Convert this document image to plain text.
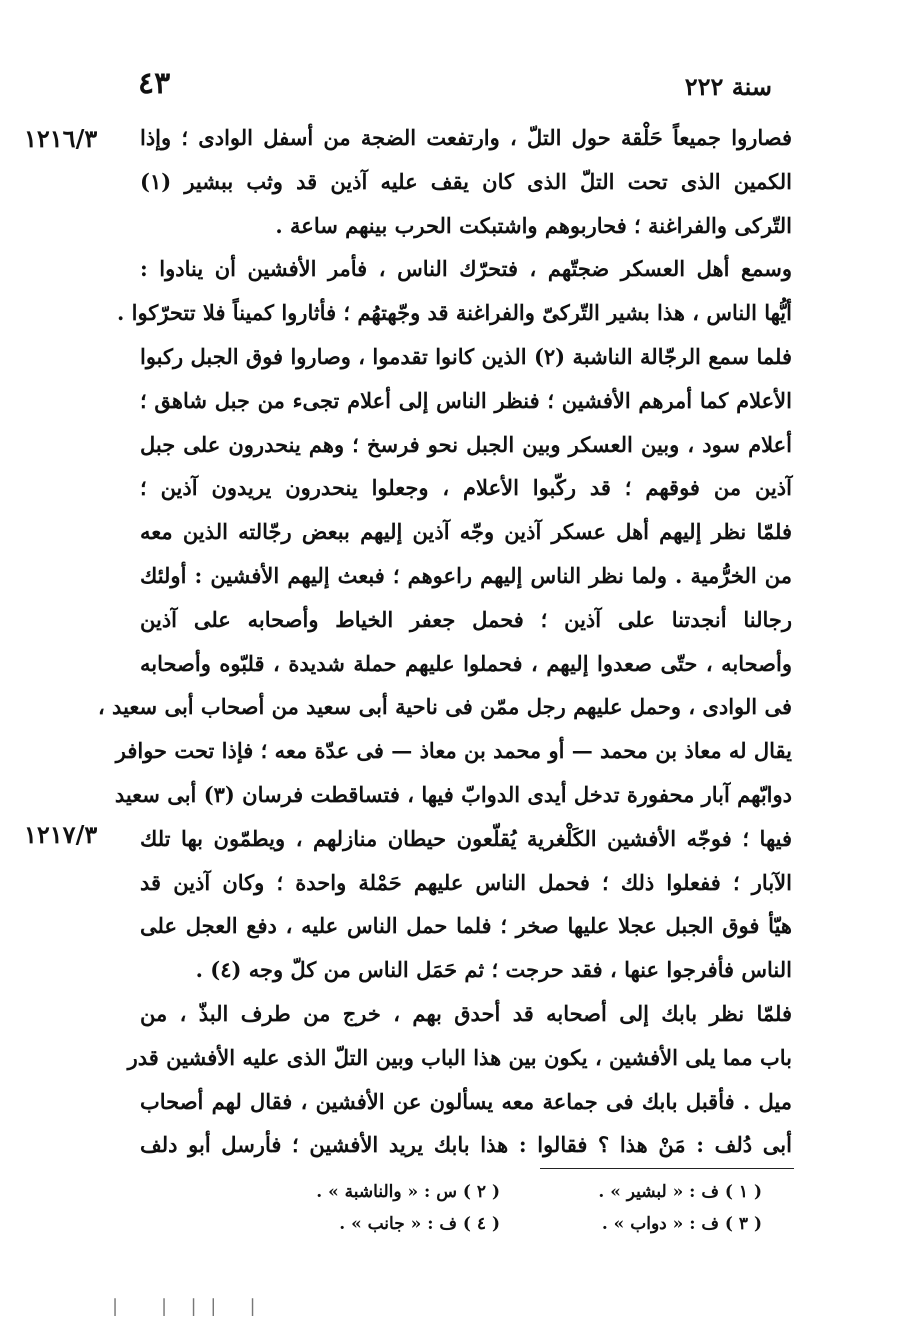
٤٣	سنة ٢٢٢
١٢١٦/٣
١٢١٧/٣
فصاروا جميعاً حَلْقة حول التلّ ، وارتفعت الضجة من أسفل الوادى ؛ وإذا
الكمين الذى تحت التلّ الذى كان يقف عليه آذين قد وثب ببشير (١)
التّركى والفراغنة ؛ فحاربوهم واشتبكت الحرب بينهم ساعة .
وسمع أهل العسكر ضجتّهم ، فتحرّك الناس ، فأمر الأفشين أن ينادوا :
أيُّها الناس ، هذا بشير التّركىّ والفراغنة قد وجّهتهُم ؛ فأثاروا كميناً فلا تتحرّكوا .
فلما سمع الرجّالة الناشبة (٢) الذين كانوا تقدموا ، وصاروا فوق الجبل ركبوا
الأعلام كما أمرهم الأفشين ؛ فنظر الناس إلى أعلام تجىء من جبل شاهق ؛
أعلام سود ، وبين العسكر وبين الجبل نحو فرسخ ؛ وهم ينحدرون على جبل
آذين من فوقهم ؛ قد ركّبوا الأعلام ، وجعلوا ينحدرون يريدون آذين ؛
فلمّا نظر إليهم أهل عسكر آذين وجّه آذين إليهم ببعض رجّالته الذين معه
من الخرُّمية . ولما نظر الناس إليهم راعوهم ؛ فبعث إليهم الأفشين : أولئك
رجالنا أنجدتنا على آذين ؛ فحمل جعفر الخياط وأصحابه على آذين
وأصحابه ، حتّى صعدوا إليهم ، فحملوا عليهم حملة شديدة ، قلبّوه وأصحابه
فى الوادى ، وحمل عليهم رجل ممّن فى ناحية أبى سعيد من أصحاب أبى سعيد ،
يقال له معاذ بن محمد — أو محمد بن معاذ — فى عدّة معه ؛ فإذا تحت حوافر
دوابّهم آبار محفورة تدخل أيدى الدوابّ فيها ، فتساقطت فرسان (٣) أبى سعيد
فيها ؛ فوجّه الأفشين الكَلْغرية يُقلّعون حيطان منازلهم ، ويطمّون بها تلك
الآبار ؛ ففعلوا ذلك ؛ فحمل الناس عليهم حَمْلة واحدة ؛ وكان آذين قد
هيّأ فوق الجبل عجلا عليها صخر ؛ فلما حمل الناس عليه ، دفع العجل على
الناس فأفرجوا عنها ، فقد حرجت ؛ ثم حَمَل الناس من كلّ وجه (٤) .
فلمّا نظر بابك إلى أصحابه قد أحدق بهم ، خرج من طرف البذّ ، من
باب مما يلى الأفشين ، يكون بين هذا الباب وبين التلّ الذى عليه الأفشين قدر
ميل . فأقبل بابك فى جماعة معه يسألون عن الأفشين ، فقال لهم أصحاب
أبى دُلف : مَنْ هذا ؟ فقالوا : هذا بابك يريد الأفشين ؛ فأرسل أبو دلف
( ١ ) ف : « لبشير » .
( ٢ ) س : « والناشبة » .
( ٣ ) ف : « دواب » .
( ٤ ) ف : « جانب » .
| ‎ ‎ ‎ | ‎ | | ‎ ‎ | ‎
